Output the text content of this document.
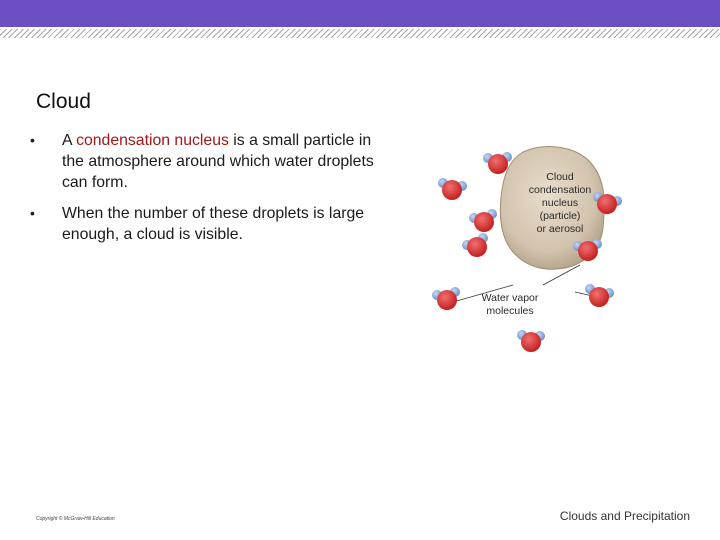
Cloud
• A condensation nucleus is a small particle in the atmosphere around which water droplets can form.
• When the number of these droplets is large enough, a cloud is visible.
Cloud
condensation
nucleus
(particle)
or aerosol
Water vapor
molecules
Copyright © McGraw-Hill Education	Clouds and Precipitation
